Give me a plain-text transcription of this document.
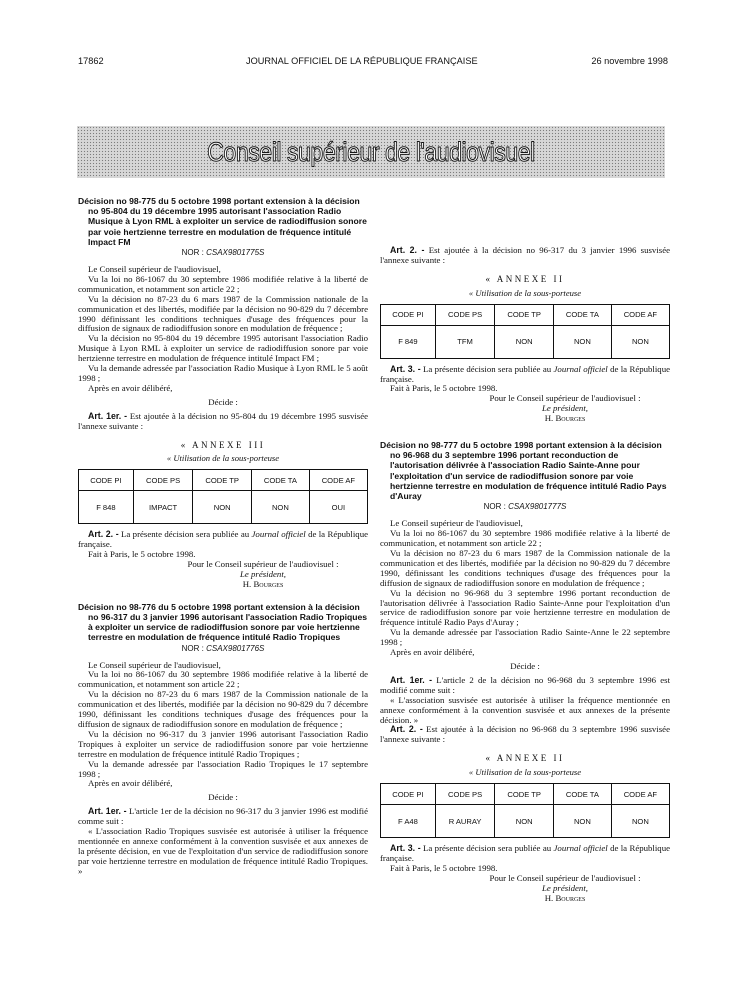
17862	JOURNAL OFFICIEL DE LA RÉPUBLIQUE FRANÇAISE	26 novembre 1998
Conseil supérieur de l'audiovisuel
Décision no 98-775 du 5 octobre 1998 portant extension à la décision no 95-804 du 19 décembre 1995 autorisant l'association Radio Musique à Lyon RML à exploiter un service de radiodiffusion sonore par voie hertzienne terrestre en modulation de fréquence intitulé Impact FM
NOR : CSAX9801775S

Le Conseil supérieur de l'audiovisuel,

Vu la loi no 86-1067 du 30 septembre 1986 modifiée relative à la liberté de communication, et notamment son article 22 ;

Vu la décision no 87-23 du 6 mars 1987 de la Commission nationale de la communication et des libertés, modifiée par la décision no 90-829 du 7 décembre 1990 définissant les conditions techniques d'usage des fréquences pour la diffusion de signaux de radiodiffusion sonore en modulation de fréquence ;

Vu la décision no 95-804 du 19 décembre 1995 autorisant l'association Radio Musique à Lyon RML à exploiter un service de radiodiffusion sonore par voie hertzienne terrestre en modulation de fréquence intitulé Impact FM ;

Vu la demande adressée par l'association Radio Musique à Lyon RML le 5 août 1998 ;

Après en avoir délibéré,

Décide :

Art. 1er. - Est ajoutée à la décision no 95-804 du 19 décembre 1995 susvisée l'annexe suivante :

« ANNEXE III

« Utilisation de la sous-porteuse

CODE PI	CODE PS	CODE TP	CODE TA	CODE AF
F 848	IMPACT	NON	NON	OUI

Art. 2. - La présente décision sera publiée au Journal officiel de la République française.

Fait à Paris, le 5 octobre 1998.

Pour le Conseil supérieur de l'audiovisuel :

Le président,

H. Bourges

Décision no 98-776 du 5 octobre 1998 portant extension à la décision no 96-317 du 3 janvier 1996 autorisant l'association Radio Tropiques à exploiter un service de radiodiffusion sonore par voie hertzienne terrestre en modulation de fréquence intitulé Radio Tropiques
NOR : CSAX9801776S

Le Conseil supérieur de l'audiovisuel,

Vu la loi no 86-1067 du 30 septembre 1986 modifiée relative à la liberté de communication, et notamment son article 22 ;

Vu la décision no 87-23 du 6 mars 1987 de la Commission nationale de la communication et des libertés, modifiée par la décision no 90-829 du 7 décembre 1990, définissant les conditions techniques d'usage des fréquences pour la diffusion de signaux de radiodiffusion sonore en modulation de fréquence ;

Vu la décision no 96-317 du 3 janvier 1996 autorisant l'association Radio Tropiques à exploiter un service de radiodiffusion sonore par voie hertzienne terrestre en modulation de fréquence intitulé Radio Tropiques ;

Vu la demande adressée par l'association Radio Tropiques le 17 septembre 1998 ;

Après en avoir délibéré,

Décide :

Art. 1er. - L'article 1er de la décision no 96-317 du 3 janvier 1996 est modifié comme suit :

« L'association Radio Tropiques susvisée est autorisée à utiliser la fréquence mentionnée en annexe conformément à la convention susvisée et aux annexes de la présente décision, en vue de l'exploitation d'un service de radiodiffusion sonore par voie hertzienne terrestre en modulation de fréquence intitulé Radio Tropiques. »

Art. 2. - Est ajoutée à la décision no 96-317 du 3 janvier 1996 susvisée l'annexe suivante :

« ANNEXE II

« Utilisation de la sous-porteuse

CODE PI	CODE PS	CODE TP	CODE TA	CODE AF
F 849	TFM	NON	NON	NON

Art. 3. - La présente décision sera publiée au Journal officiel de la République française.

Fait à Paris, le 5 octobre 1998.

Pour le Conseil supérieur de l'audiovisuel :

Le président,

H. Bourges

Décision no 98-777 du 5 octobre 1998 portant extension à la décision no 96-968 du 3 septembre 1996 portant reconduction de l'autorisation délivrée à l'association Radio Sainte-Anne pour l'exploitation d'un service de radiodiffusion sonore par voie hertzienne terrestre en modulation de fréquence intitulé Radio Pays d'Auray
NOR : CSAX9801777S

Le Conseil supérieur de l'audiovisuel,

Vu la loi no 86-1067 du 30 septembre 1986 modifiée relative à la liberté de communication, et notamment son article 22 ;

Vu la décision no 87-23 du 6 mars 1987 de la Commission nationale de la communication et des libertés, modifiée par la décision no 90-829 du 7 décembre 1990, définissant les conditions techniques d'usage des fréquences pour la diffusion de signaux de radiodiffusion sonore en modulation de fréquence ;

Vu la décision no 96-968 du 3 septembre 1996 portant reconduction de l'autorisation délivrée à l'association Radio Sainte-Anne pour l'exploitation d'un service de radiodiffusion sonore par voie hertzienne terrestre en modulation de fréquence intitulé Radio Pays d'Auray ;

Vu la demande adressée par l'association Radio Sainte-Anne le 22 septembre 1998 ;

Après en avoir délibéré,

Décide :

Art. 1er. - L'article 2 de la décision no 96-968 du 3 septembre 1996 est modifié comme suit :

« L'association susvisée est autorisée à utiliser la fréquence mentionnée en annexe conformément à la convention susvisée et aux annexes de la présente décision. »

Art. 2. - Est ajoutée à la décision no 96-968 du 3 septembre 1996 susvisée l'annexe suivante :

« ANNEXE II

« Utilisation de la sous-porteuse

CODE PI	CODE PS	CODE TP	CODE TA	CODE AF
F A48	R AURAY	NON	NON	NON

Art. 3. - La présente décision sera publiée au Journal officiel de la République française.

Fait à Paris, le 5 octobre 1998.

Pour le Conseil supérieur de l'audiovisuel :

Le président,

H. Bourges
